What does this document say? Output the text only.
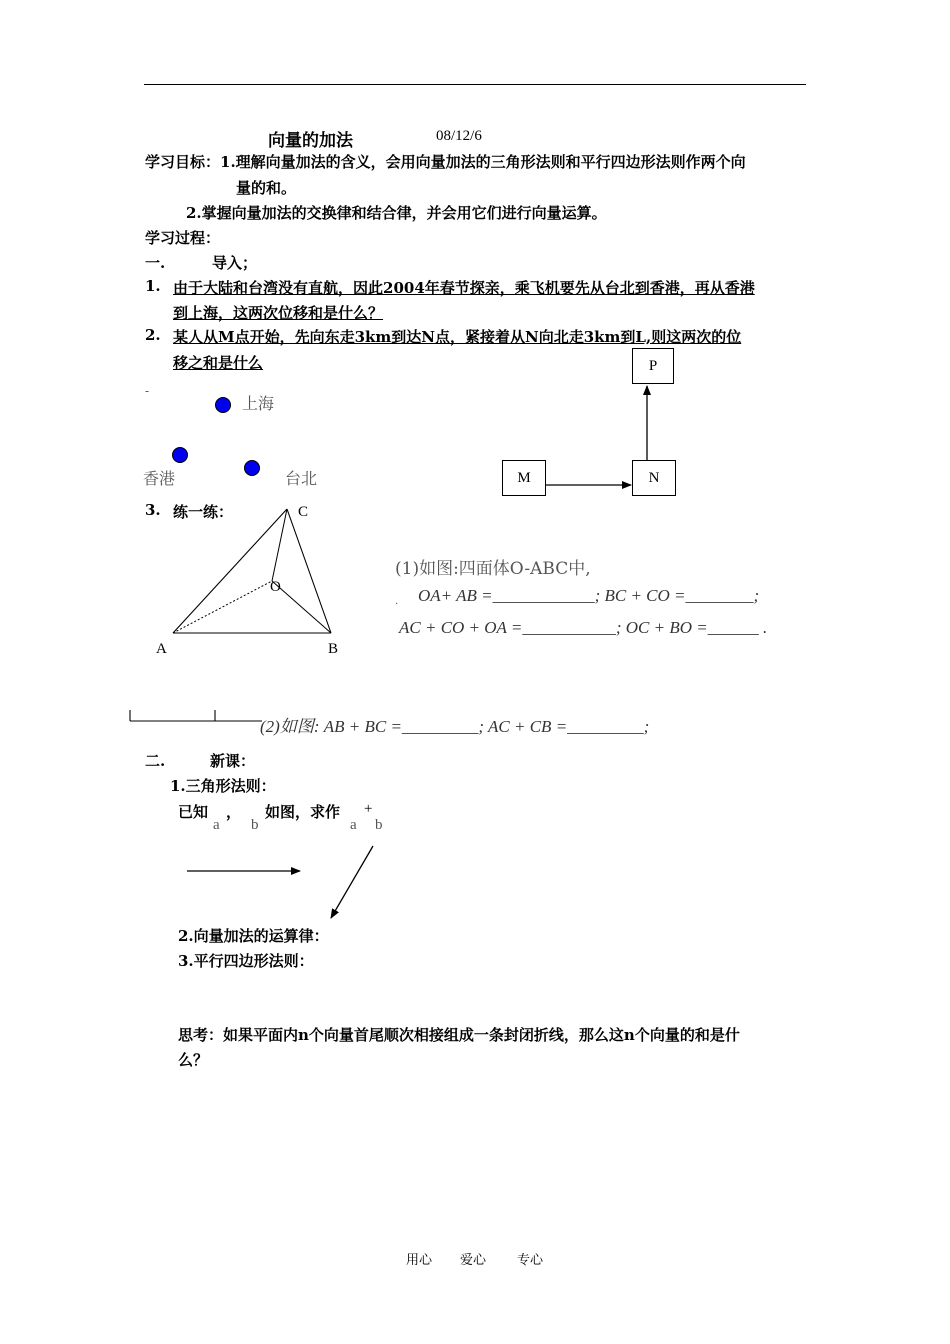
向量的加法	08/12/6
学习目标：1.理解向量加法的含义，会用向量加法的三角形法则和平行四边形法则作两个向
量的和。
2.掌握向量加法的交换律和结合律，并会用它们进行向量运算。
学习过程：
一.	导入；
1. 由于大陆和台湾没有直航，因此2004年春节探亲，乘飞机要先从台北到香港，再从香港
到上海，这两次位移和是什么？
2. 某人从M点开始，先向东走3km到达N点，紧接着从N向北走3km到L,则这两次的位
移之和是什么
-
上海
香港	台北
P
M	N
3. 练一练：	C
O
A	B
(1)如图:四面体O-ABC中,
. OA+ AB =____________; BC + CO =________;
AC + CO + OA =___________; OC + BO =______ .
(2)如图: AB + BC =_________; AC + CB =_________;
二.	新课：
1.三角形法则：
已知 ， 如图，求作 +
a b	a b
2.向量加法的运算律：
3.平行四边形法则：
思考：如果平面内n个向量首尾顺次相接组成一条封闭折线，那么这n个向量的和是什
么？
用心 爱心 专心
